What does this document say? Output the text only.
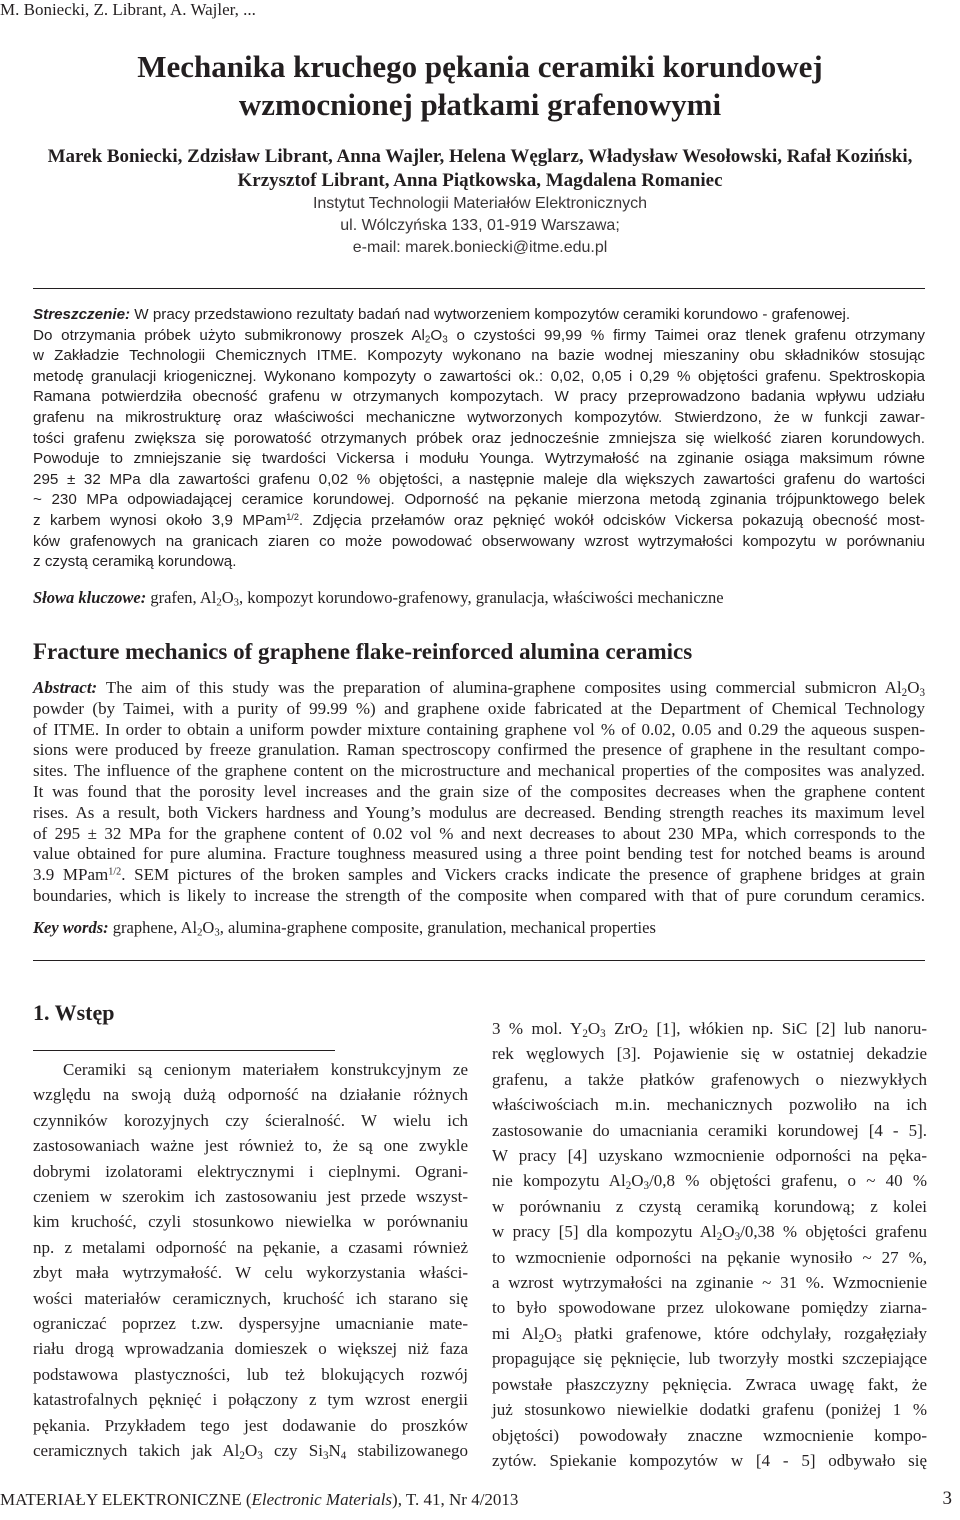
M. Boniecki, Z. Librant, A. Wajler, ...
Mechanika kruchego pękania ceramiki korundowej
wzmocnionej płatkami grafenowymi
Marek Boniecki, Zdzisław Librant, Anna Wajler, Helena Węglarz, Władysław Wesołowski, Rafał Koziński,
Krzysztof Librant, Anna Piątkowska, Magdalena Romaniec
Instytut Technologii Materiałów Elektronicznych
ul. Wólczyńska 133, 01-919 Warszawa;
e-mail: marek.boniecki@itme.edu.pl
Streszczenie: W pracy przedstawiono rezultaty badań nad wytworzeniem kompozytów ceramiki korundowo - grafenowej.
Do otrzymania próbek użyto submikronowy proszek $Al_2O_3$ o czystości 99,99 % firmy Taimei oraz tlenek grafenu otrzymany
w Zakładzie Technologii Chemicznych ITME. Kompozyty wykonano na bazie wodnej mieszaniny obu składników stosując
metodę granulacji kriogenicznej. Wykonano kompozyty o zawartości ok.: 0,02, 0,05 i 0,29 % objętości grafenu. Spektroskopia
Ramana potwierdziła obecność grafenu w otrzymanych kompozytach. W pracy przeprowadzono badania wpływu udziału
grafenu na mikrostrukturę oraz właściwości mechaniczne wytworzonych kompozytów. Stwierdzono, że w funkcji zawar-
tości grafenu zwiększa się porowatość otrzymanych próbek oraz jednocześnie zmniejsza się wielkość ziaren korundowych.
Powoduje to zmniejszanie się twardości Vickersa i modułu Younga. Wytrzymałość na zginanie osiąga maksimum równe
295 ± 32 MPa dla zawartości grafenu 0,02 % objętości, a następnie maleje dla większych zawartości grafenu do wartości
~ 230 MPa odpowiadającej ceramice korundowej. Odporność na pękanie mierzona metodą zginania trójpunktowego belek
z karbem wynosi około 3,9 MPam$^{1/2}$. Zdjęcia przełamów oraz pęknięć wokół odcisków Vickersa pokazują obecność most-
ków grafenowych na granicach ziaren co może powodować obserwowany wzrost wytrzymałości kompozytu w porównaniu
z czystą ceramiką korundową.
Słowa kluczowe: grafen, $Al_2O_3$, kompozyt korundowo-grafenowy, granulacja, właściwości mechaniczne
Fracture mechanics of graphene flake-reinforced alumina ceramics
Abstract: The aim of this study was the preparation of alumina-graphene composites using commercial submicron $Al_2O_3$
powder (by Taimei, with a purity of 99.99 %) and graphene oxide fabricated at the Department of Chemical Technology
of ITME. In order to obtain a uniform powder mixture containing graphene vol % of 0.02, 0.05 and 0.29 the aqueous suspen-
sions were produced by freeze granulation. Raman spectroscopy confirmed the presence of graphene in the resultant compo-
sites. The influence of the graphene content on the microstructure and mechanical properties of the composites was analyzed.
It was found that the porosity level increases and the grain size of the composites decreases when the graphene content
rises. As a result, both Vickers hardness and Young’s modulus are decreased. Bending strength reaches its maximum level
of 295 ± 32 MPa for the graphene content of 0.02 vol % and next decreases to about 230 MPa, which corresponds to the
value obtained for pure alumina. Fracture toughness measured using a three point bending test for notched beams is around
3.9 MPam$^{1/2}$. SEM pictures of the broken samples and Vickers cracks indicate the presence of graphene bridges at grain
boundaries, which is likely to increase the strength of the composite when compared with that of pure corundum ceramics.
Key words: graphene, $Al_2O_3$, alumina-graphene composite, granulation, mechanical properties
1. Wstęp
Ceramiki są cenionym materiałem konstrukcyjnym ze
względu na swoją dużą odporność na działanie różnych
czynników korozyjnych czy ścieralność. W wielu ich
zastosowaniach ważne jest również to, że są one zwykle
dobrymi izolatorami elektrycznymi i cieplnymi. Ograni-
czeniem w szerokim ich zastosowaniu jest przede wszyst-
kim kruchość, czyli stosunkowo niewielka w porównaniu
np. z metalami odporność na pękanie, a czasami również
zbyt mała wytrzymałość. W celu wykorzystania właści-
wości materiałów ceramicznych, kruchość ich starano się
ograniczać poprzez t.zw. dyspersyjne umacnianie mate-
riału drogą wprowadzania domieszek o większej niż faza
podstawowa plastyczności, lub też blokujących rozwój
katastrofalnych pęknięć i połączony z tym wzrost energii
pękania. Przykładem tego jest dodawanie do proszków
ceramicznych takich jak $Al_2O_3$ czy $Si_3N_4$ stabilizowanego
3 % mol. $Y_2O_3$ ZrO$_2$ [1], włókien np. SiC [2] lub nanoru-
rek węglowych [3]. Pojawienie się w ostatniej dekadzie
grafenu, a także płatków grafenowych o niezwykłych
właściwościach m.in. mechanicznych pozwoliło na ich
zastosowanie do umacniania ceramiki korundowej [4 - 5].
W pracy [4] uzyskano wzmocnienie odporności na pęka-
nie kompozytu $Al_2O_3/0,8$ % objętości grafenu, o ~ 40 %
w porównaniu z czystą ceramiką korundową; z kolei
w pracy [5] dla kompozytu $Al_2O_3/0,38$ % objętości grafenu
to wzmocnienie odporności na pękanie wynosiło ~ 27 %,
a wzrost wytrzymałości na zginanie ~ 31 %. Wzmocnienie
to było spowodowane przez ulokowane pomiędzy ziarna-
mi $Al_2O_3$ płatki grafenowe, które odchylały, rozgałęziały
propagujące się pęknięcie, lub tworzyły mostki szczepiające
powstałe płaszczyzny pęknięcia. Zwraca uwagę fakt, że
już stosunkowo niewielkie dodatki grafenu (poniżej 1 %
objętości) powodowały znaczne wzmocnienie kompo-
zytów. Spiekanie kompozytów w [4 - 5] odbywało się
MATERIAŁY ELEKTRONICZNE (Electronic Materials), T. 41, Nr 4/2013	3
